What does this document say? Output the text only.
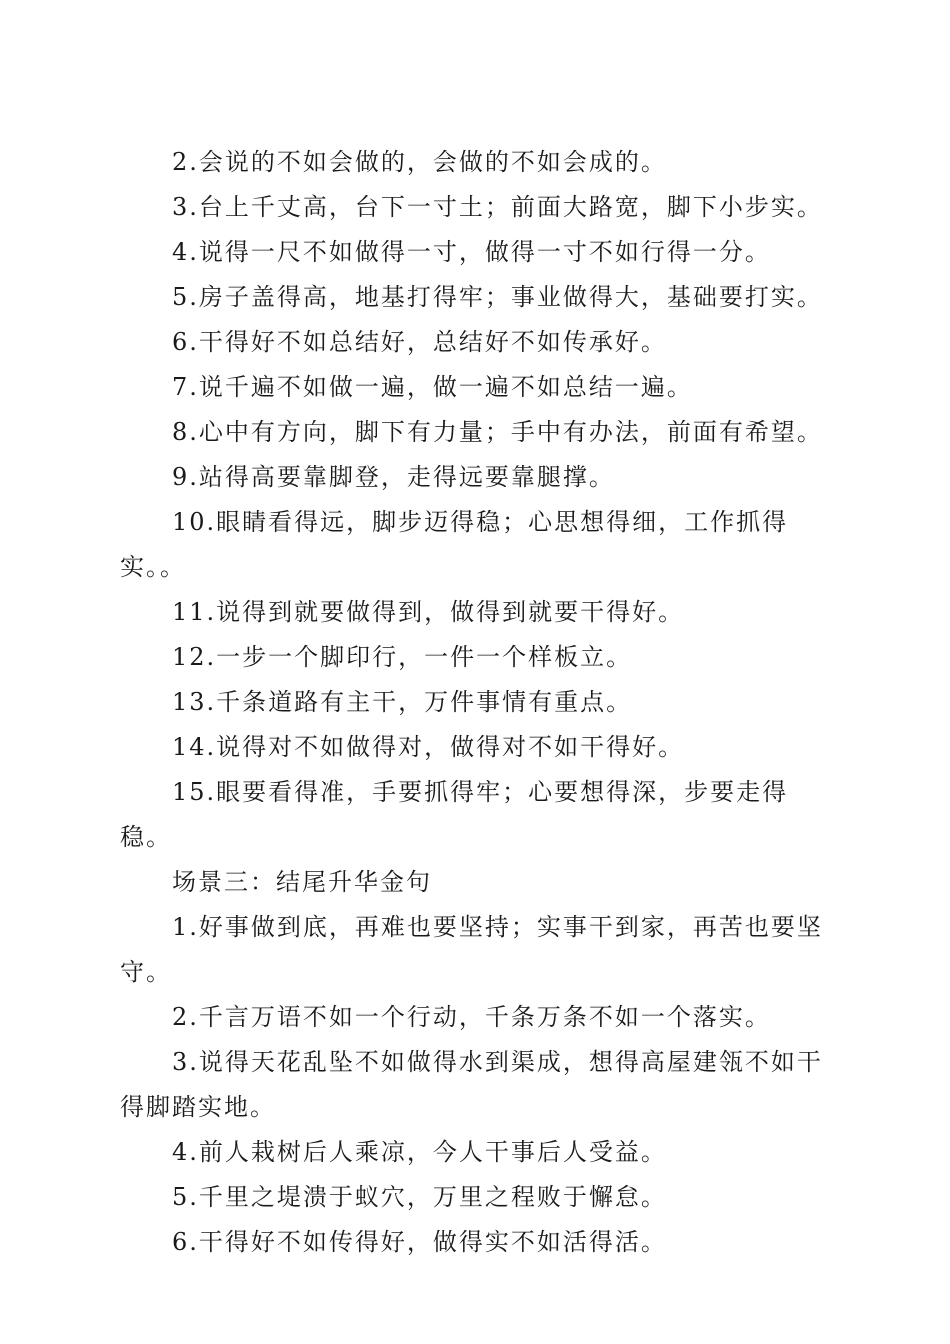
2.会说的不如会做的，会做的不如会成的。

3.台上千丈高，台下一寸土；前面大路宽，脚下小步实。

4.说得一尺不如做得一寸，做得一寸不如行得一分。

5.房子盖得高，地基打得牢；事业做得大，基础要打实。

6.干得好不如总结好，总结好不如传承好。

7.说千遍不如做一遍，做一遍不如总结一遍。

8.心中有方向，脚下有力量；手中有办法，前面有希望。

9.站得高要靠脚登，走得远要靠腿撑。

10.眼睛看得远，脚步迈得稳；心思想得细，工作抓得实。。

11.说得到就要做得到，做得到就要干得好。

12.一步一个脚印行，一件一个样板立。

13.千条道路有主干，万件事情有重点。

14.说得对不如做得对，做得对不如干得好。

15.眼要看得准，手要抓得牢；心要想得深，步要走得稳。

场景三：结尾升华金句

1.好事做到底，再难也要坚持；实事干到家，再苦也要坚守。

2.千言万语不如一个行动，千条万条不如一个落实。

3.说得天花乱坠不如做得水到渠成，想得高屋建瓴不如干得脚踏实地。

4.前人栽树后人乘凉，今人干事后人受益。

5.千里之堤溃于蚁穴，万里之程败于懈怠。

6.干得好不如传得好，做得实不如活得活。
